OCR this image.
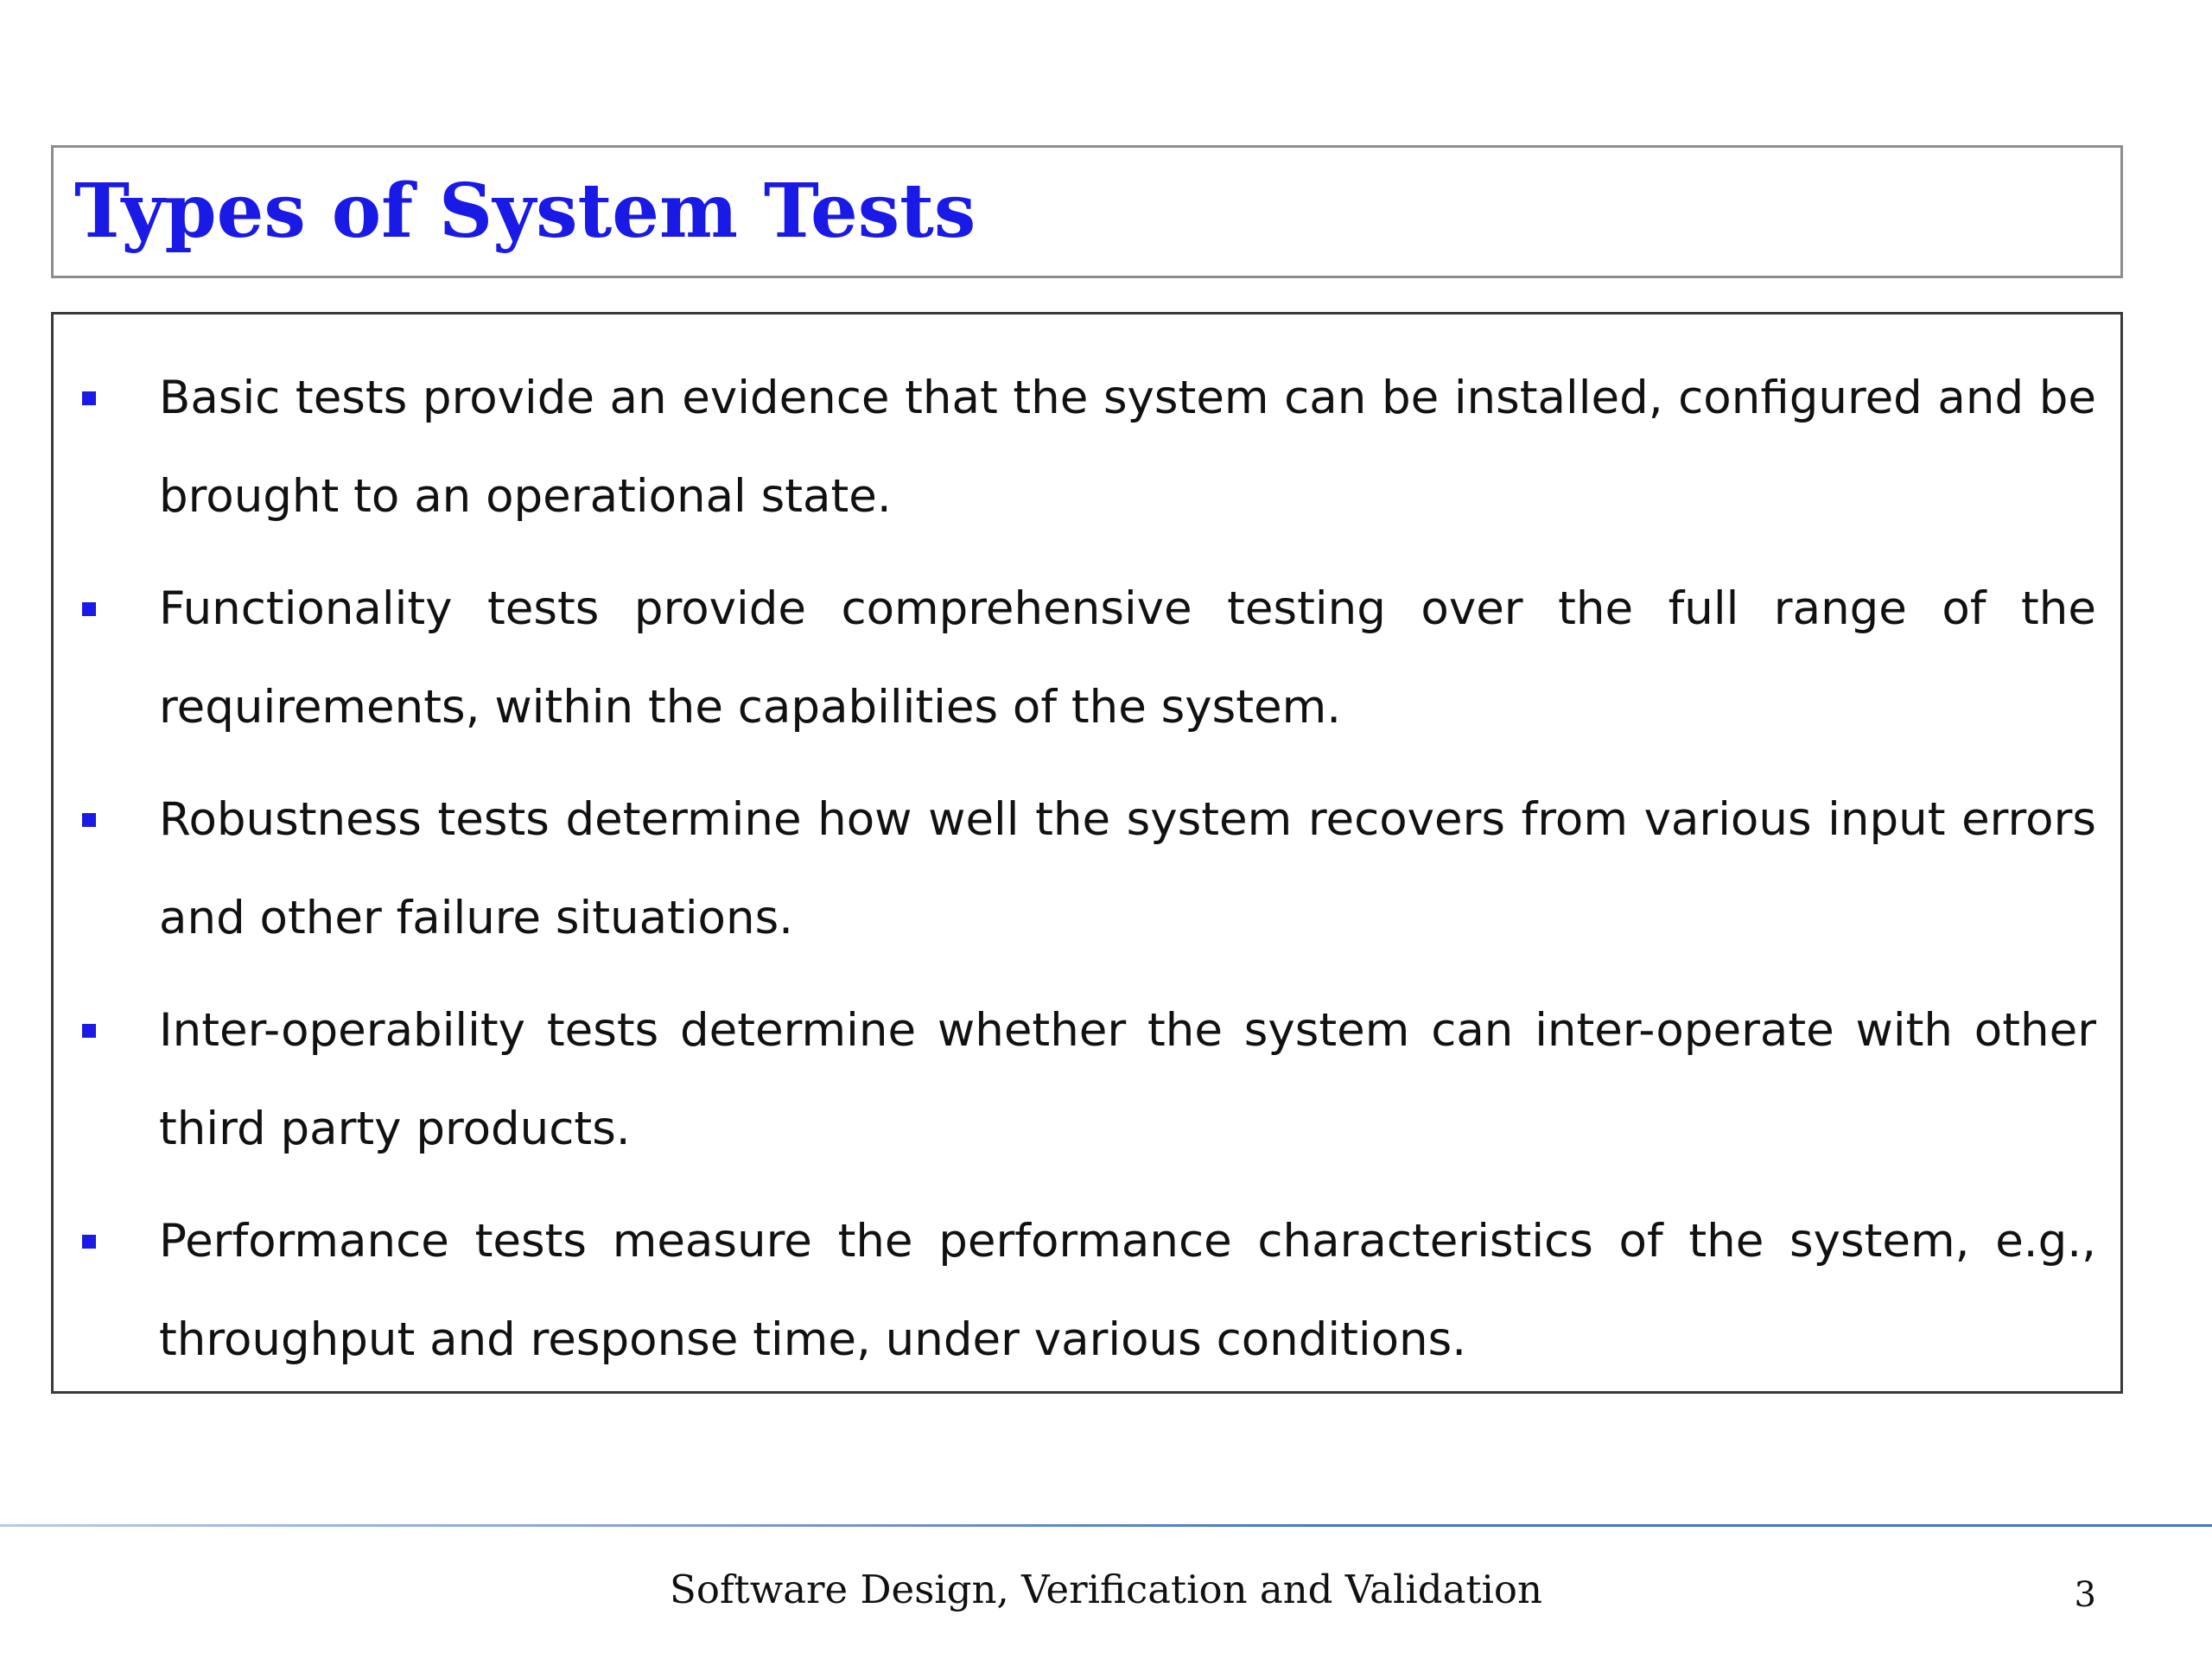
Types of System Tests
Basic tests provide an evidence that the system can be installed, configured and be brought to an operational state.
Functionality tests provide comprehensive testing over the full range of the requirements, within the capabilities of the system.
Robustness tests determine how well the system recovers from various input errors and other failure situations.
Inter-operability tests determine whether the system can inter-operate with other third party products.
Performance tests measure the performance characteristics of the system, e.g., throughput and response time, under various conditions.
Software Design, Verification and Validation	3
